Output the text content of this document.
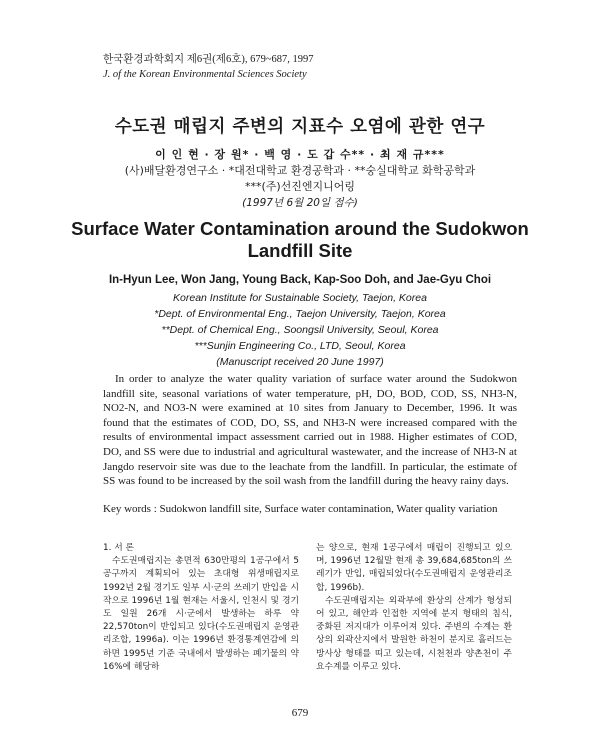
한국환경과학회지 제6권(제6호), 679~687, 1997
J. of the Korean Environmental Sciences Society
수도권 매립지 주변의 지표수 오염에 관한 연구
이 인 현 · 장 원* · 백 영 · 도 갑 수** · 최 재 규***
(사)배달환경연구소 · *대전대학교 환경공학과 · **숭실대학교 화학공학과
***(주)선진엔지니어링
(1997년 6월 20일 접수)
Surface Water Contamination around the Sudokwon
Landfill Site
In-Hyun Lee, Won Jang, Young Back, Kap-Soo Doh, and Jae-Gyu Choi
Korean Institute for Sustainable Society, Taejon, Korea
*Dept. of Environmental Eng., Taejon University, Taejon, Korea
**Dept. of Chemical Eng., Soongsil University, Seoul, Korea
***Sunjin Engineering Co., LTD, Seoul, Korea
(Manuscript received 20 June 1997)

In order to analyze the water quality variation of surface water around the Sudokwon landfill site, seasonal variations of water temperature, pH, DO, BOD, COD, SS, NH3-N, NO2-N, and NO3-N were examined at 10 sites from January to December, 1996. It was found that the estimates of COD, DO, SS, and NH3-N were increased compared with the results of environmental impact assessment carried out in 1988. Higher estimates of COD, DO, and SS were due to industrial and agricultural wastewater, and the increase of NH3-N at Jangdo reservoir site was due to the leachate from the landfill. In particular, the estimate of SS was found to be increased by the soil wash from the landfill during the heavy rainy days.

Key words : Sudokwon landfill site, Surface water contamination, Water quality variation

1. 서 론

수도권매립지는 총면적 630만평의 1공구에서 5공구까지 계획되어 있는 초대형 위생매립지로 1992년 2월 경기도 일부 시·군의 쓰레기 반입을 시작으로 1996년 1월 현재는 서울시, 인천시 및 경기도 일원 26개 시·군에서 발생하는 하루 약 22,570ton이 반입되고 있다(수도권매립지 운영관리조합, 1996a). 이는 1996년 환경통계연감에 의하면 1995년 기준 국내에서 발생하는 폐기물의 약 16%에 해당하

는 양으로, 현재 1공구에서 매립이 진행되고 있으며, 1996년 12월말 현재 총 39,684,685ton의 쓰레기가 반입, 매립되었다(수도권매립지 운영관리조합, 1996b).

수도권매립지는 외곽부에 환상의 산계가 형성되어 있고, 해안과 인접한 지역에 분지 형태의 침식, 중화된 저지대가 이루어져 있다. 주변의 수계는 환상의 외곽산지에서 발원한 하천이 분지로 흘러드는 방사상 형태를 띠고 있는데, 시천천과 양촌천이 주요수계를 이루고 있다.

679
